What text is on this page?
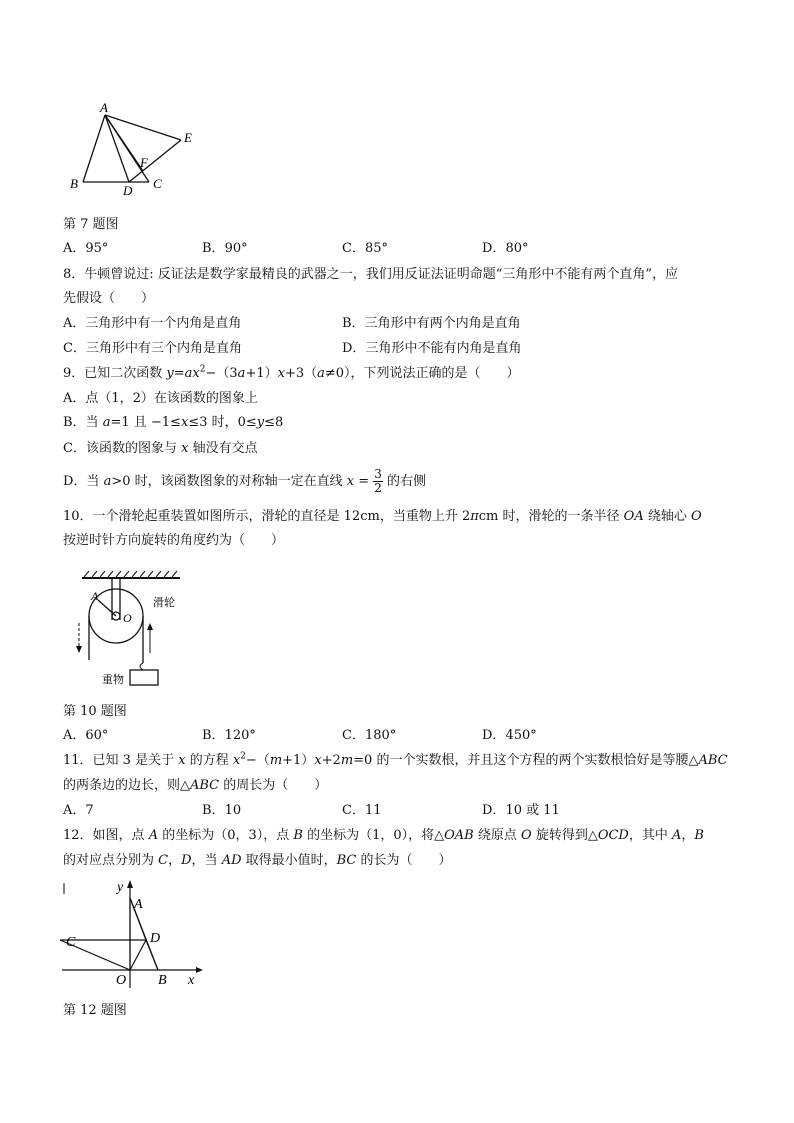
A
B	D C
E
F
第 7 题图
A．95°	B．90°	C．85°	D．80°
8．牛顿曾说过: 反证法是数学家最精良的武器之一，我们用反证法证明命题“三角形中不能有两个直角”，应
先假设（　　）
A．三角形中有一个内角是直角	B．三角形中有两个内角是直角
C．三角形中有三个内角是直角	D．三角形中不能有内角是直角
9．已知二次函数 $y=ax^2-(3a+1)x+3(a\ne 0)$，下列说法正确的是（　　）
A．点（1，2）在该函数的图象上
B．当 a=1 且 −1≤x≤3 时，0≤y≤8
C．该函数的图象与 x 轴没有交点
D．当 a>0 时，该函数图象的对称轴一定在直线 $x = \frac{3}{2}$ 的右侧
10．一个滑轮起重装置如图所示，滑轮的直径是 12cm，当重物上升 2πcm 时，滑轮的一条半径 OA 绕轴心 O
按逆时针方向旋转的角度约为（　　）
A
O
滑轮
重物
第 10 题图
A．60°	B．120°	C．180°	D．450°
11．已知 3 是关于 x 的方程 $x^2-(m+1)x+2m=0$ 的一个实数根，并且这个方程的两个实数根恰好是等腰△ABC
的两条边的边长，则△ABC 的周长为（　　）
A．7	B．10	C．11	D．10 或 11
12．如图，点 A 的坐标为（0，3），点 B 的坐标为（1，0），将△OAB 绕原点 O 旋转得到△OCD，其中 A，B
的对应点分别为 C，D，当 AD 取得最小值时，BC 的长为（　　）
y
A
C	D
O B x
第 12 题图
